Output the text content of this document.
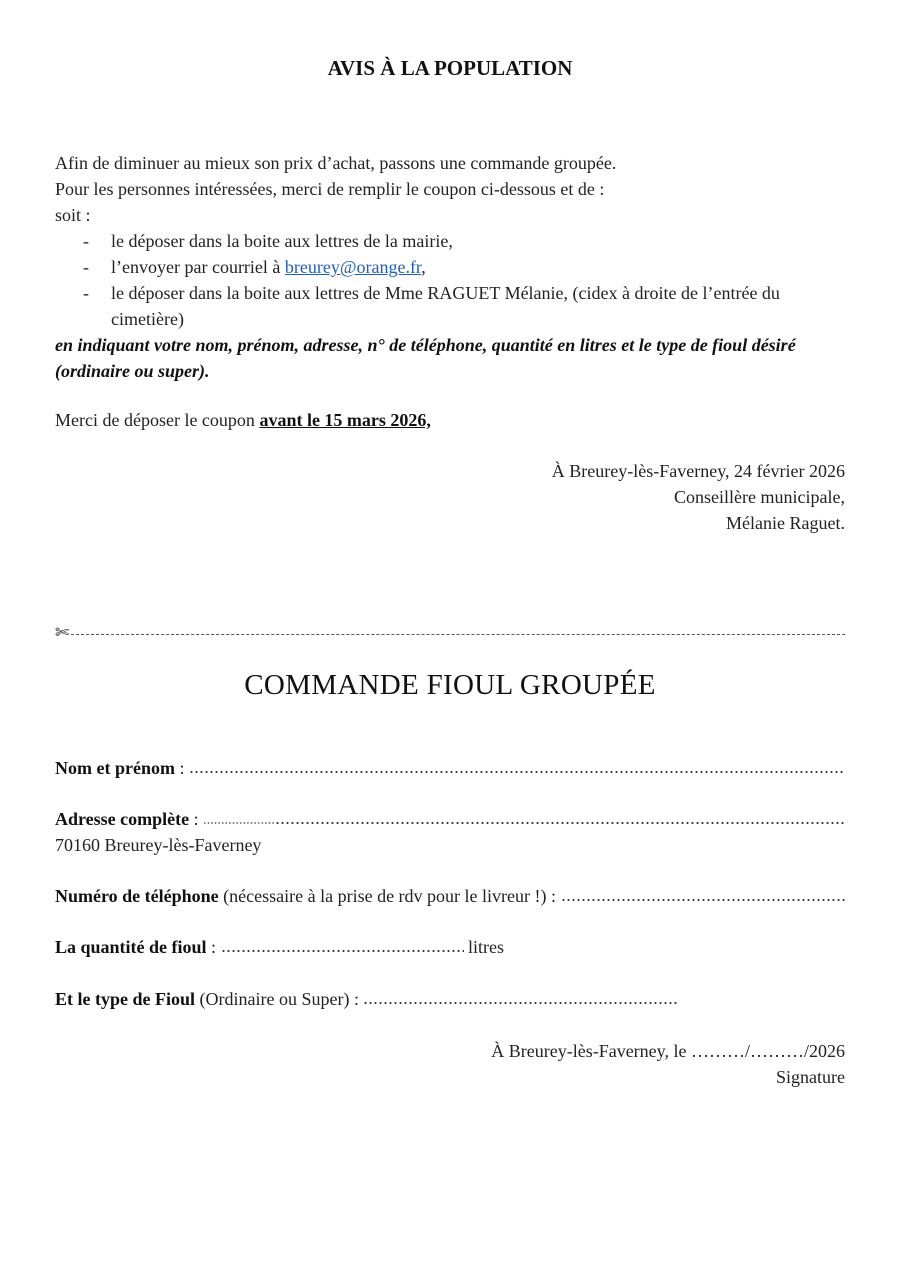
AVIS À LA POPULATION
Afin de diminuer au mieux son prix d’achat, passons une commande groupée.
Pour les personnes intéressées, merci de remplir le coupon ci-dessous et de :
soit :
- le déposer dans la boite aux lettres de la mairie,
- l’envoyer par courriel à breurey@orange.fr,
- le déposer dans la boite aux lettres de Mme RAGUET Mélanie, (cidex à droite de l’entrée du cimetière)
en indiquant votre nom, prénom, adresse, n° de téléphone, quantité en litres et le type de fioul désiré (ordinaire ou super).
Merci de déposer le coupon avant le 15 mars 2026,
À Breurey-lès-Faverney, 24 février 2026
Conseillère municipale,
Mélanie Raguet.
✄
COMMANDE FIOUL GROUPÉE
Nom et prénom :
Adresse complète :
70160 Breurey-lès-Faverney
Numéro de téléphone
(nécessaire à la prise de rdv pour le livreur !) :
La quantité de fioul :
	litres
Et le type de Fioul
(Ordinaire ou Super) :
À Breurey-lès-Faverney, le ………/………/2026
Signature
